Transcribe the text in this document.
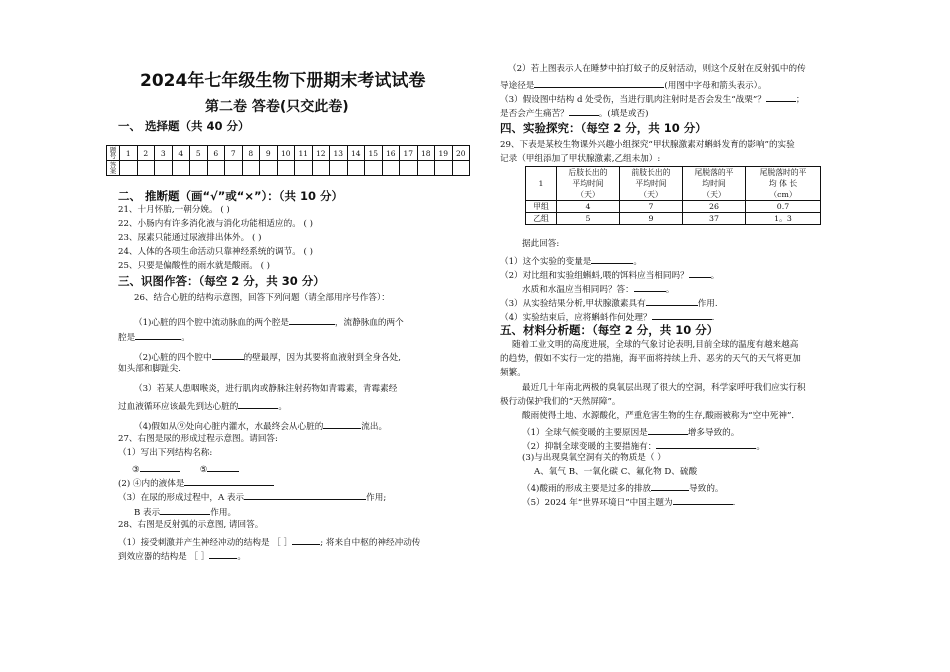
2024年七年级生物下册期末考试试卷
第二卷 答卷(只交此卷)
一、 选择题（共 40 分）
题
号	1	2	3	4	5	6	7	8	9	10	11	12	13	14	15	16	17	18	19	20
答
案																				
二、 推断题（画“√”或“×”）：（共 10 分）
21、十月怀胎,一朝分娩。 ( )
22、小肠内有许多消化液与消化功能相适应的。 ( )
23、尿素只能通过尿液排出体外。 ( )
24、人体的各项生命活动只靠神经系统的调节。 ( )
25、只要是偏酸性的雨水就是酸雨。 ( )
三、识图作答：（每空 2 分，共 30 分）
26、结合心脏的结构示意图，回答下列问题（请全部用序号作答）：
（1)心脏的四个腔中流动脉血的两个腔是	，流静脉血的两个
腔是	。
（2)心脏的四个腔中	的壁最厚，因为其要将血液射到全身各处,
如头部和脚趾尖.
（3）若某人患咽喉炎，进行肌肉或静脉注射药物如青霉素，青霉素经
过血液循环应该最先到达心脏的	。
（4)假如从⑨处向心脏内灌水，水最终会从心脏的	流出。
27、右图是尿的形成过程示意图。请回答:
（1）写出下列结构名称:
③	⑤
(2) ④内的液体是
（3）在尿的形成过程中，A 表示	作用;
B 表示	作用。
28、右图是反射弧的示意图, 请回答。
（1）接受刺激并产生神经冲动的结构是 ［ ］	; 将来自中枢的神经冲动传
到效应器的结构是 ［ ］	。
（2）若上图表示人在睡梦中拍打蚊子的反射活动，则这个反射在反射弧中的传
导途径是	(用图中字母和箭头表示）。
（3）假设图中结构 d 处受伤，当进行肌肉注射时是否会发生“战栗”？	；
是否会产生痛苦？	。(填是或否)
四、实验探究：（每空 2 分，共 10 分）
29、下表是某校生物课外兴趣小组探究“甲状腺激素对蝌蚪发育的影响”的实验
记录（甲组添加了甲状腺激素,乙组未加）:
1	后肢长出的
平均时间
（天）	前肢长出的
平均时间
（天）	尾脱落的平
均时间
（天）	尾脱落时的平
均 体 长
（cm）
甲组	4	7	26	0.7
乙组	5	9	37	1。3
据此回答:
（1）这个实验的变量是	。
（2）对比组和实验组蝌蚪,喂的饵料应当相同吗？	。
水质和水温应当相同吗？答：	。
（3）从实验结果分析,甲状腺激素具有	作用.
（4）实验结束后，应将蝌蚪作何处理？	.
五、材料分析题：（每空 2 分，共 10 分）
随着工业文明的高度进展，全球的气象讨论表明,目前全球的温度有越来越高
的趋势，假如不实行一定的措施，海平面将持续上升、恶劣的天气的天气将更加
频繁。
最近几十年南北两极的臭氧层出现了很大的空洞，科学家呼吁我们应实行积
极行动保护我们的“天然屏障”。
酸雨使得土地、水源酸化，严重危害生物的生存,酸雨被称为“空中死神”．
（1）全球气候变暖的主要原因是	增多导致的。
（2）抑制全球变暖的主要措施有：	。
(3)与出现臭氧空洞有关的物质是（ ）
A、氧气 B、一氧化碳 C、氟化物 D、硫酸
（4)酸雨的形成主要是过多的排放	导致的。
（5）2024 年“世界环境日”中国主题为	.
